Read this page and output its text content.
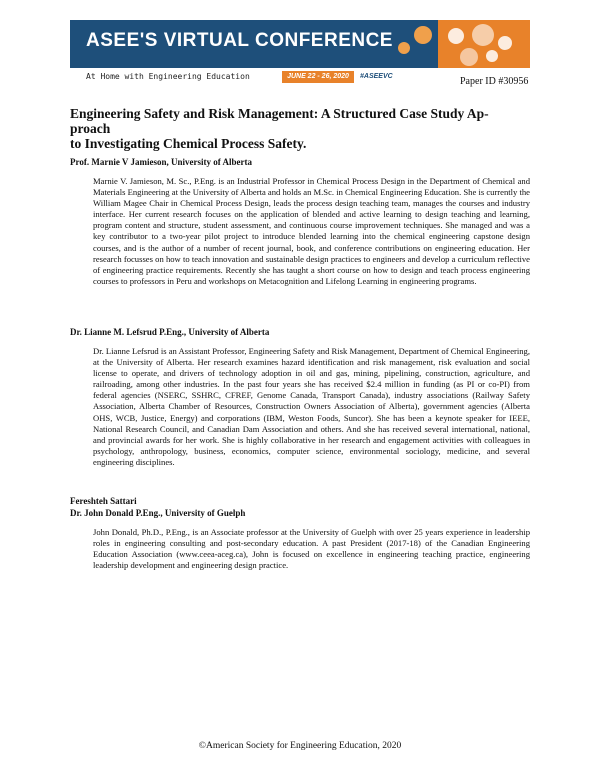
ASEE'S VIRTUAL CONFERENCE
At Home with Engineering Education	JUNE 22 - 26, 2020	#ASEEVC	Paper ID #30956
Engineering Safety and Risk Management: A Structured Case Study Ap-
proach
to Investigating Chemical Process Safety.
Prof. Marnie V Jamieson, University of Alberta
Marnie V. Jamieson, M. Sc., P.Eng. is an Industrial Professor in Chemical Process Design in the Department of Chemical and Materials Engineering at the University of Alberta and holds an M.Sc. in Chemical Engineering Education. She is currently the William Magee Chair in Chemical Process Design, leads the process design teaching team, manages the courses and industry interface. Her current research focuses on the application of blended and active learning to design teaching and learning, program content and structure, student assessment, and continuous course improvement techniques. She managed and was a key contributor to a two-year pilot project to introduce blended learning into the chemical engineering capstone design courses, and is the author of a number of recent journal, book, and conference contributions on engineering education. Her research focusses on how to teach innovation and sustainable design practices to engineers and develop a curriculum reflective of engineering practice requirements. Recently she has taught a short course on how to design and teach process engineering courses to professors in Peru and workshops on Metacognition and Lifelong Learning in engineering programs.
Dr. Lianne M. Lefsrud P.Eng., University of Alberta
Dr. Lianne Lefsrud is an Assistant Professor, Engineering Safety and Risk Management, Department of Chemical Engineering, at the University of Alberta. Her research examines hazard identification and risk management, risk evaluation and social license to operate, and drivers of technology adoption in oil and gas, mining, pipelining, construction, agriculture, and railroading, among other industries. In the past four years she has received $2.4 million in funding (as PI or co-PI) from federal agencies (NSERC, SSHRC, CFREF, Genome Canada, Transport Canada), industry associations (Railway Safety Association, Alberta Chamber of Resources, Construction Owners Association of Alberta), government agencies (Alberta OHS, WCB, Justice, Energy) and corporations (IBM, Weston Foods, Suncor). She has been a keynote speaker for IEEE, National Research Council, and Canadian Dam Association and others. And she has received several international, national, and provincial awards for her work. She is highly collaborative in her research and engagement activities with colleagues in psychology, anthropology, business, economics, computer science, environmental sociology, medicine, and several engineering disciplines.
Fereshteh Sattari
Dr. John Donald P.Eng., University of Guelph
John Donald, Ph.D., P.Eng., is an Associate professor at the University of Guelph with over 25 years experience in leadership roles in engineering consulting and post-secondary education. A past President (2017-18) of the Canadian Engineering Education Association (www.ceea-aceg.ca), John is focused on excellence in engineering teaching practice, engineering leadership development and engineering design practice.
©American Society for Engineering Education, 2020
